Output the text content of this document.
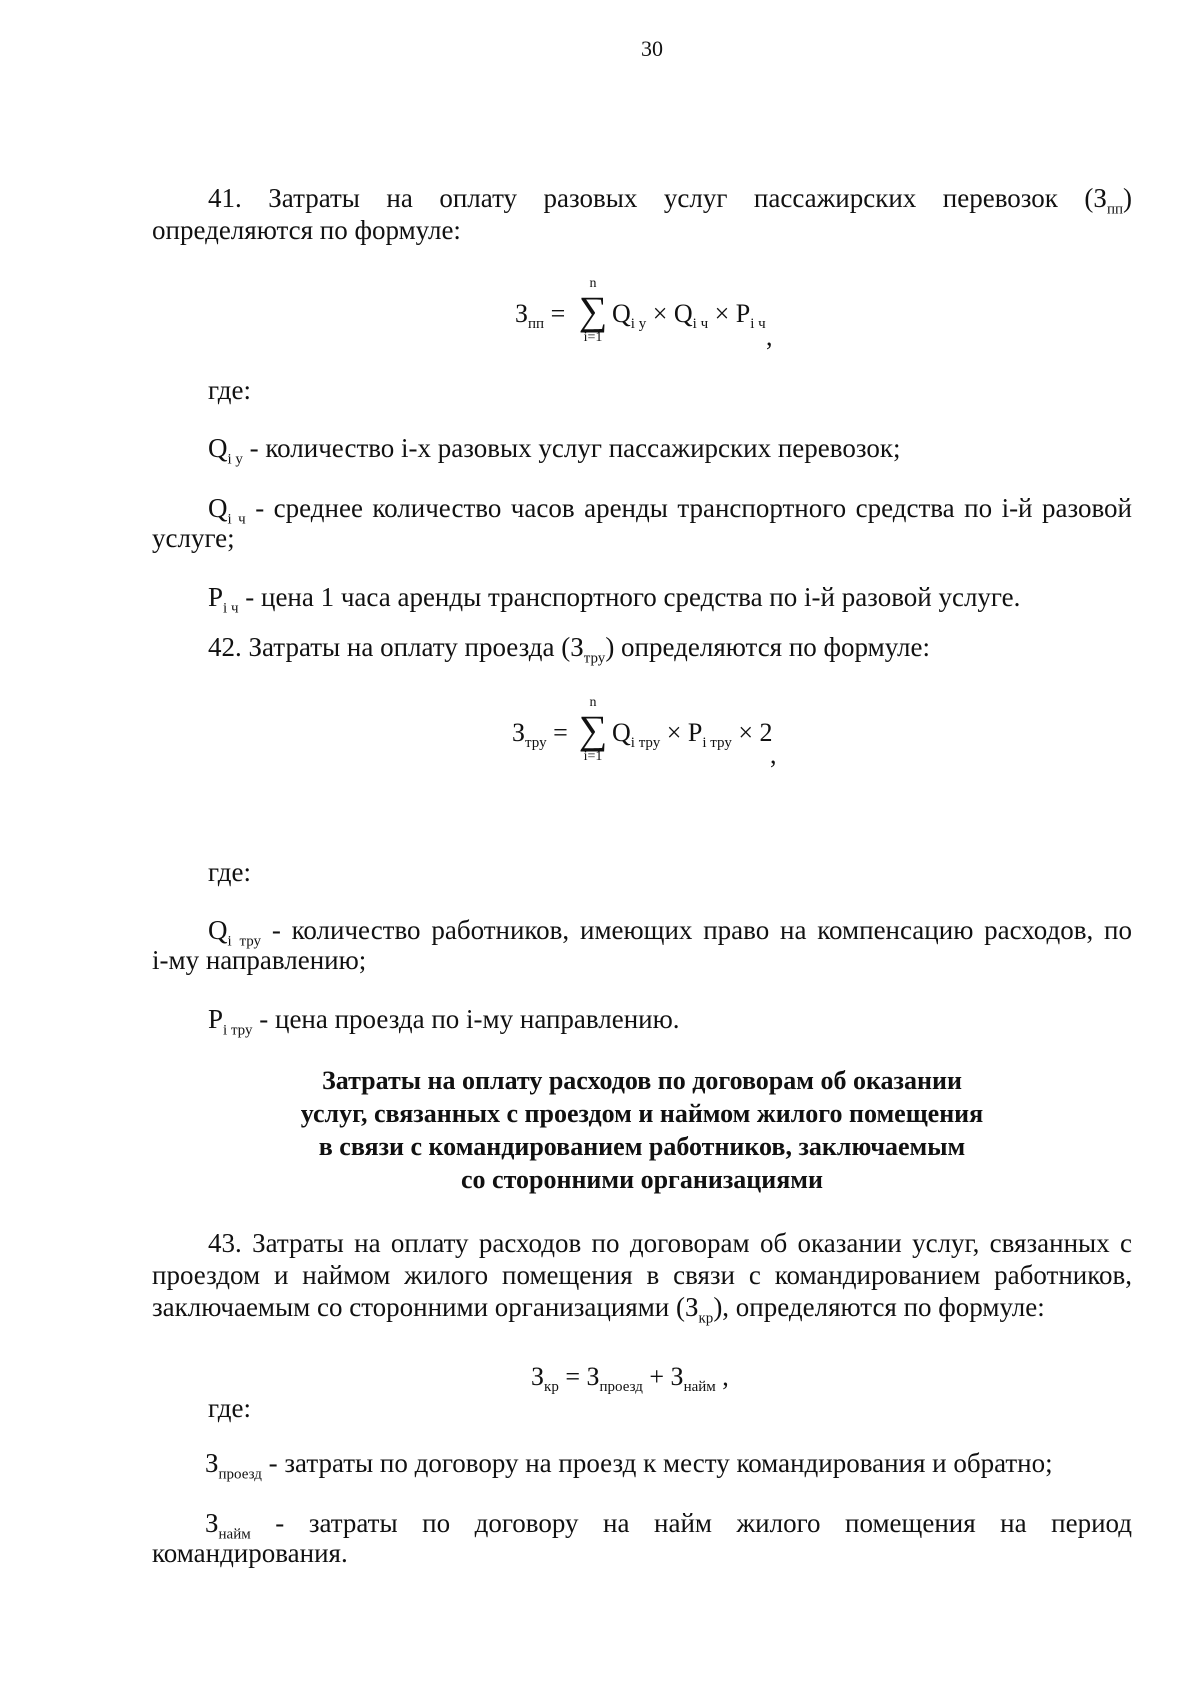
30
41. Затраты на оплату разовых услуг пассажирских перевозок $(З_{пп})$
определяются по формуле:
$З_{пп}$ =
n
∑
i=1
$Q_{i у} \times Q_{i ч} \times P_{i ч}$ ,
где:
$Q_{i у}$ - количество i-х разовых услуг пассажирских перевозок;
$Q_{i ч}$ - среднее количество часов аренды транспортного средства по i-й разовой
услуге;
$P_{i ч}$ - цена 1 часа аренды транспортного средства по i-й разовой услуге.
42. Затраты на оплату проезда $(З_{тру})$ определяются по формуле:
$З_{тру}$ =
n
∑
i=1
$Q_{i тру} \times P_{i тру} \times 2$
,
где:
$Q_{i тру}$ - количество работников, имеющих право на компенсацию расходов, по
i-му направлению;
$P_{i тру}$ - цена проезда по i-му направлению.
Затраты на оплату расходов по договорам об оказании
услуг, связанных с проездом и наймом жилого помещения
в связи с командированием работников, заключаемым
со сторонними организациями
43. Затраты на оплату расходов по договорам об оказании услуг, связанных с
проездом и наймом жилого помещения в связи с командированием работников,
заключаемым со сторонними организациями $(З_{кр})$, определяются по формуле:
$З_{кр} = З_{проезд} + З_{найм}$ ,
где:
$З_{проезд}$ - затраты по договору на проезд к месту командирования и обратно;
$З_{найм}$ - затраты по договору на найм жилого помещения на период
командирования.
